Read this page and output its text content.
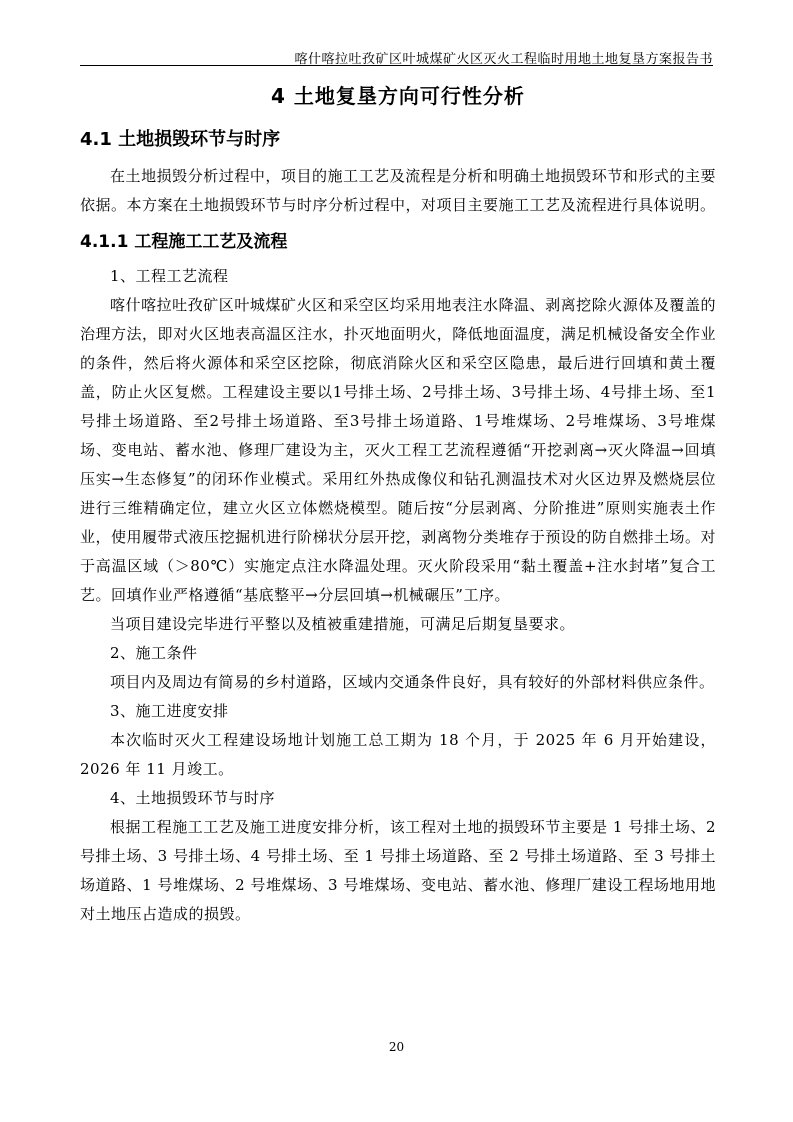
喀什喀拉吐孜矿区叶城煤矿火区灭火工程临时用地土地复垦方案报告书
4 土地复垦方向可行性分析
4.1 土地损毁环节与时序

在土地损毁分析过程中，项目的施工工艺及流程是分析和明确土地损毁环节和形式的主要依据。本方案在土地损毁环节与时序分析过程中，对项目主要施工工艺及流程进行具体说明。

4.1.1 工程施工工艺及流程

1、工程工艺流程

喀什喀拉吐孜矿区叶城煤矿火区和采空区均采用地表注水降温、剥离挖除火源体及覆盖的治理方法，即对火区地表高温区注水，扑灭地面明火，降低地面温度，满足机械设备安全作业的条件，然后将火源体和采空区挖除，彻底消除火区和采空区隐患，最后进行回填和黄土覆盖，防止火区复燃。工程建设主要以1号排土场、2号排土场、3号排土场、4号排土场、至1号排土场道路、至2号排土场道路、至3号排土场道路、1号堆煤场、2号堆煤场、3号堆煤场、变电站、蓄水池、修理厂建设为主，灭火工程工艺流程遵循“开挖剥离→灭火降温→回填压实→生态修复”的闭环作业模式。采用红外热成像仪和钻孔测温技术对火区边界及燃烧层位进行三维精确定位，建立火区立体燃烧模型。随后按“分层剥离、分阶推进”原则实施表土作业，使用履带式液压挖掘机进行阶梯状分层开挖，剥离物分类堆存于预设的防自燃排土场。对于高温区域（＞80℃）实施定点注水降温处理。灭火阶段采用“黏土覆盖+注水封堵”复合工艺。回填作业严格遵循“基底整平→分层回填→机械碾压”工序。

当项目建设完毕进行平整以及植被重建措施，可满足后期复垦要求。

2、施工条件

项目内及周边有简易的乡村道路，区域内交通条件良好，具有较好的外部材料供应条件。

3、施工进度安排

本次临时灭火工程建设场地计划施工总工期为 18 个月，于 2025 年 6 月开始建设，2026 年 11 月竣工。

4、土地损毁环节与时序

根据工程施工工艺及施工进度安排分析，该工程对土地的损毁环节主要是 1 号排土场、2 号排土场、3 号排土场、4 号排土场、至 1 号排土场道路、至 2 号排土场道路、至 3 号排土场道路、1 号堆煤场、2 号堆煤场、3 号堆煤场、变电站、蓄水池、修理厂建设工程场地用地对土地压占造成的损毁。

20
